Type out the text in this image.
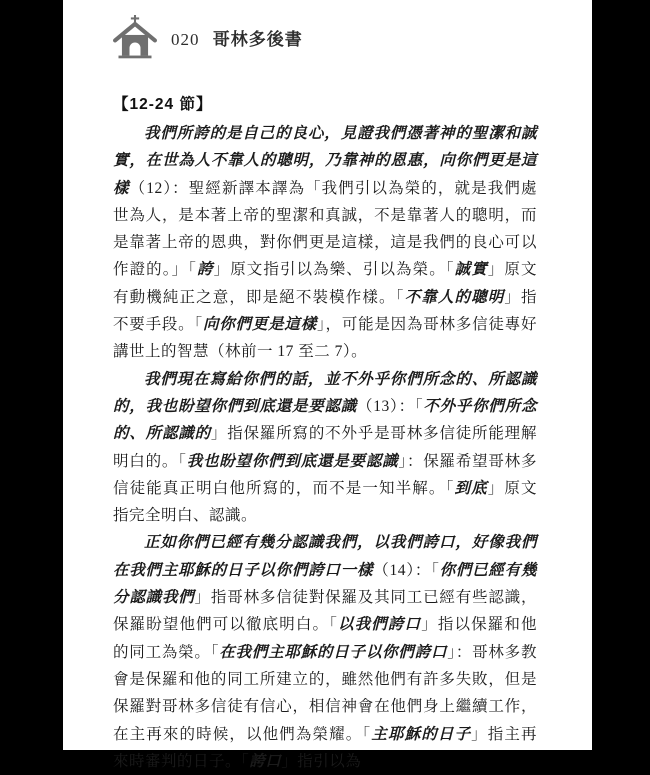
020 哥林多後書
【12-24 節】

我們所誇的是自己的良心，見證我們憑著神的聖潔和誠實，在世為人不靠人的聰明，乃靠神的恩惠，向你們更是這樣（12）：聖經新譯本譯為「我們引以為榮的，就是我們處世為人，是本著上帝的聖潔和真誠，不是靠著人的聰明，而是靠著上帝的恩典，對你們更是這樣，這是我們的良心可以作證的。」「誇」原文指引以為樂、引以為榮。「誠實」原文有動機純正之意，即是絕不裝模作樣。「不靠人的聰明」指不要手段。「向你們更是這樣」，可能是因為哥林多信徒專好講世上的智慧（林前一 17 至二 7）。

我們現在寫給你們的話，並不外乎你們所念的、所認識的，我也盼望你們到底還是要認識（13）：「不外乎你們所念的、所認識的」指保羅所寫的不外乎是哥林多信徒所能理解明白的。「我也盼望你們到底還是要認識」：保羅希望哥林多信徒能真正明白他所寫的，而不是一知半解。「到底」原文指完全明白、認識。

正如你們已經有幾分認識我們，以我們誇口，好像我們在我們主耶穌的日子以你們誇口一樣（14）：「你們已經有幾分認識我們」指哥林多信徒對保羅及其同工已經有些認識，保羅盼望他們可以徹底明白。「以我們誇口」指以保羅和他的同工為榮。「在我們主耶穌的日子以你們誇口」：哥林多教會是保羅和他的同工所建立的，雖然他們有許多失敗，但是保羅對哥林多信徒有信心，相信神會在他們身上繼續工作，在主再來的時候，以他們為榮耀。「主耶穌的日子」指主再來時審判的日子。「誇口」指引以為
